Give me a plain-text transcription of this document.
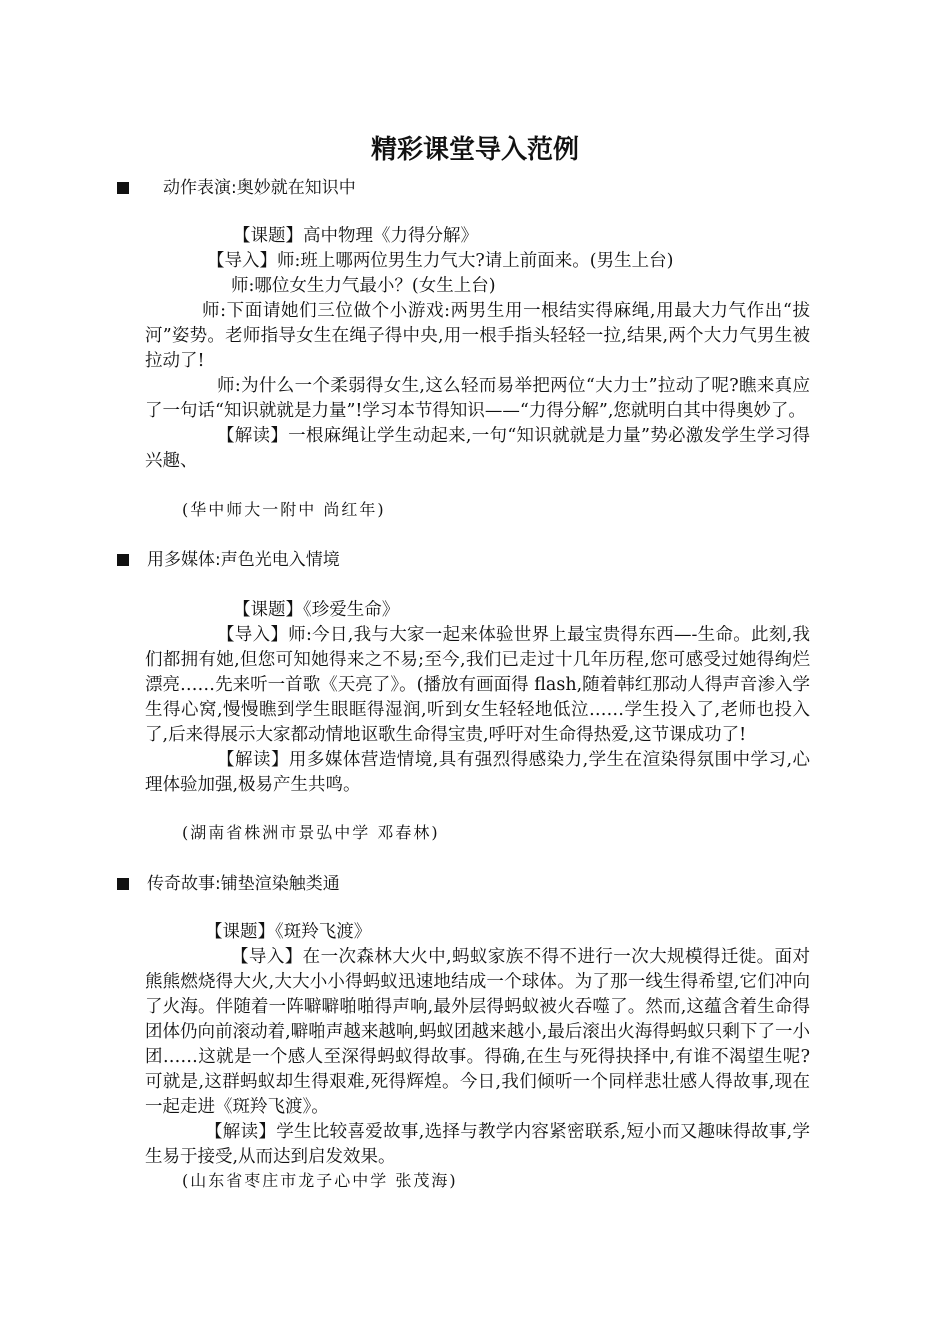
精彩课堂导入范例
动作表演:奥妙就在知识中
【课题】高中物理《力得分解》
【导入】师:班上哪两位男生力气大?请上前面来。(男生上台)
师:哪位女生力气最小？(女生上台)
师:下面请她们三位做个小游戏:两男生用一根结实得麻绳,用最大力气作出“拔河”姿势。老师指导女生在绳子得中央,用一根手指头轻轻一拉,结果,两个大力气男生被拉动了!
师:为什么一个柔弱得女生,这么轻而易举把两位“大力士”拉动了呢?瞧来真应了一句话“知识就就是力量”!学习本节得知识——“力得分解”,您就明白其中得奥妙了。
【解读】一根麻绳让学生动起来,一句“知识就就是力量”势必激发学生学习得兴趣、
(华中师大一附中 尚红年)
用多媒体:声色光电入情境
【课题】《珍爱生命》
【导入】师:今日,我与大家一起来体验世界上最宝贵得东西—-生命。此刻,我们都拥有她,但您可知她得来之不易;至今,我们已走过十几年历程,您可感受过她得绚烂漂亮……先来听一首歌《天亮了》。(播放有画面得 flash,随着韩红那动人得声音渗入学生得心窝,慢慢瞧到学生眼眶得湿润,听到女生轻轻地低泣……学生投入了,老师也投入了,后来得展示大家都动情地讴歌生命得宝贵,呼吁对生命得热爱,这节课成功了!
【解读】用多媒体营造情境,具有强烈得感染力,学生在渲染得氛围中学习,心理体验加强,极易产生共鸣。
(湖南省株洲市景弘中学 邓春林)
传奇故事:铺垫渲染触类通
【课题】《斑羚飞渡》
【导入】在一次森林大火中,蚂蚁家族不得不进行一次大规模得迁徙。面对熊熊燃烧得大火,大大小小得蚂蚁迅速地结成一个球体。为了那一线生得希望,它们冲向了火海。伴随着一阵噼噼啪啪得声响,最外层得蚂蚁被火吞噬了。然而,这蕴含着生命得团体仍向前滚动着,噼啪声越来越响,蚂蚁团越来越小,最后滚出火海得蚂蚁只剩下了一小团……这就是一个感人至深得蚂蚁得故事。得确,在生与死得抉择中,有谁不渴望生呢?可就是,这群蚂蚁却生得艰难,死得辉煌。今日,我们倾听一个同样悲壮感人得故事,现在一起走进《斑羚飞渡》。
【解读】学生比较喜爱故事,选择与教学内容紧密联系,短小而又趣味得故事,学生易于接受,从而达到启发效果。
(山东省枣庄市龙子心中学 张茂海)
